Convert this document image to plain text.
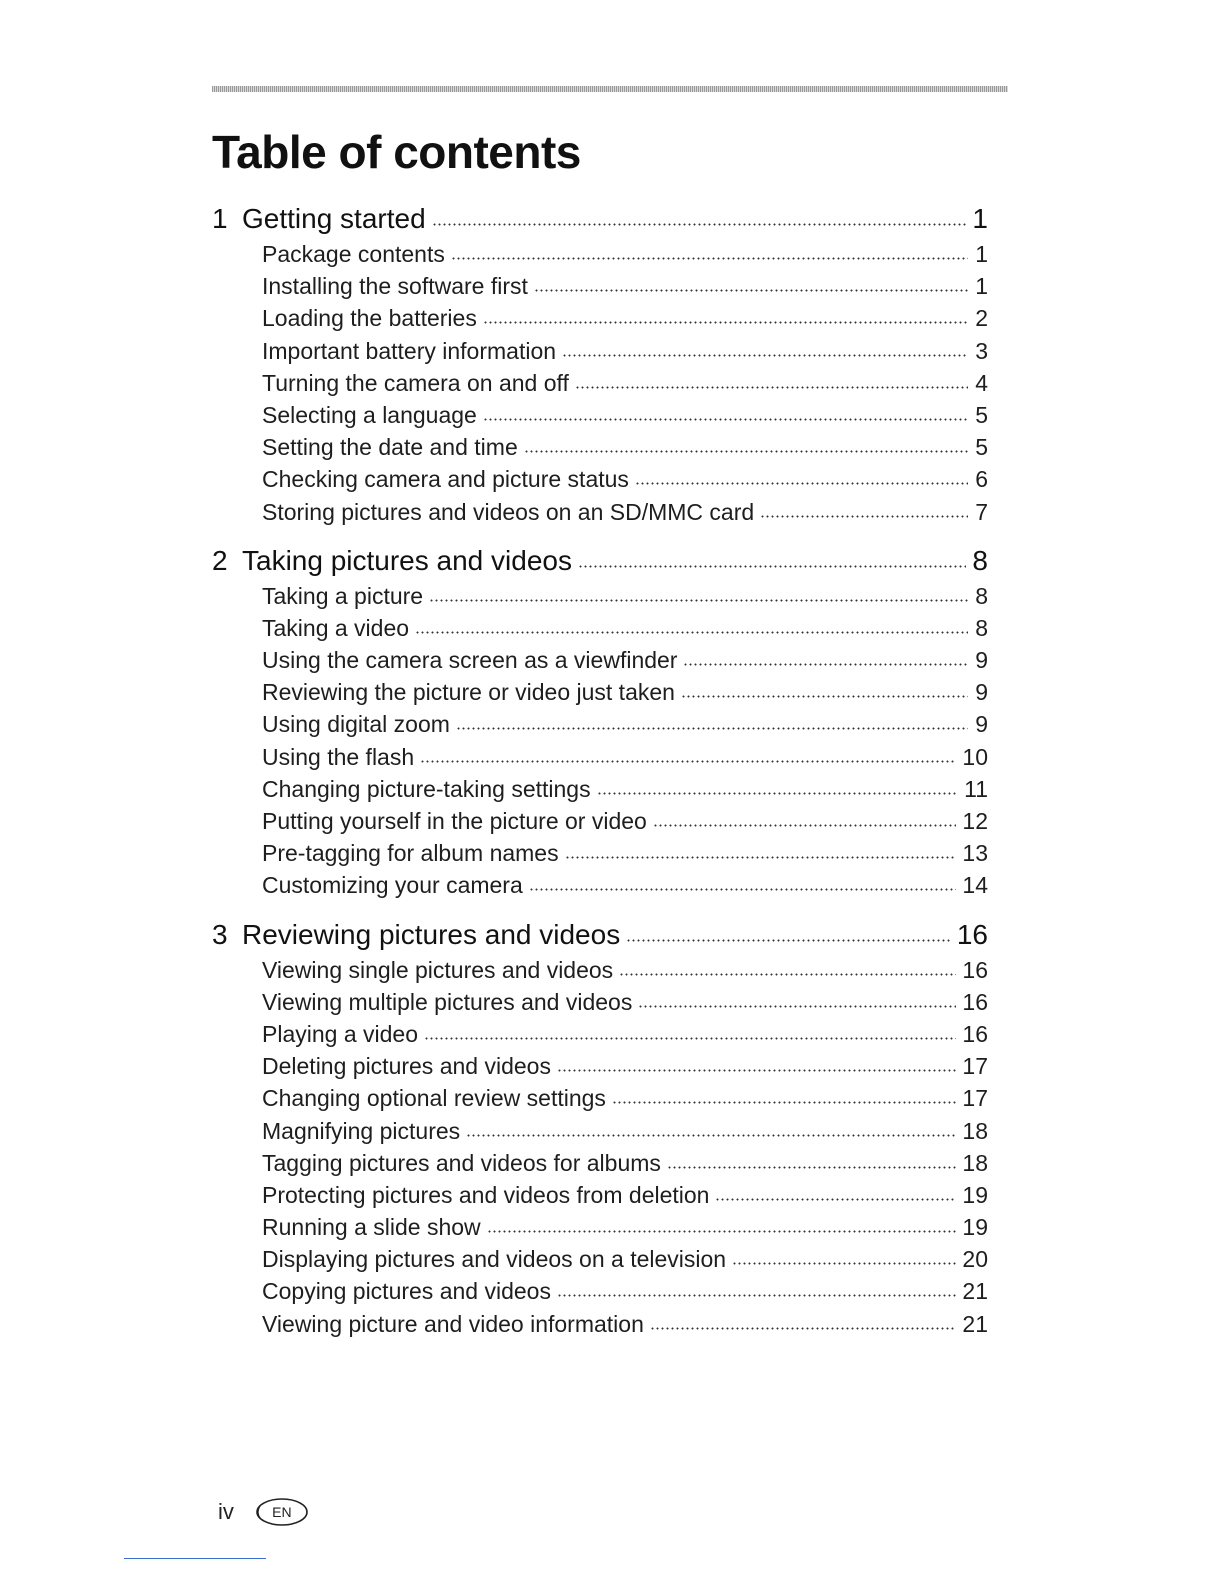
Table of contents
1 Getting started	1
Package contents	1
Installing the software first	1
Loading the batteries	2
Important battery information	3
Turning the camera on and off	4
Selecting a language	5
Setting the date and time	5
Checking camera and picture status	6
Storing pictures and videos on an SD/MMC card	7
2 Taking pictures and videos	8
Taking a picture	8
Taking a video	8
Using the camera screen as a viewfinder	9
Reviewing the picture or video just taken	9
Using digital zoom	9
Using the flash	10
Changing picture-taking settings	11
Putting yourself in the picture or video	12
Pre-tagging for album names	13
Customizing your camera	14
3 Reviewing pictures and videos	16
Viewing single pictures and videos	16
Viewing multiple pictures and videos	16
Playing a video	16
Deleting pictures and videos	17
Changing optional review settings	17
Magnifying pictures	18
Tagging pictures and videos for albums	18
Protecting pictures and videos from deletion	19
Running a slide show	19
Displaying pictures and videos on a television	20
Copying pictures and videos	21
Viewing picture and video information	21
iv	EN
